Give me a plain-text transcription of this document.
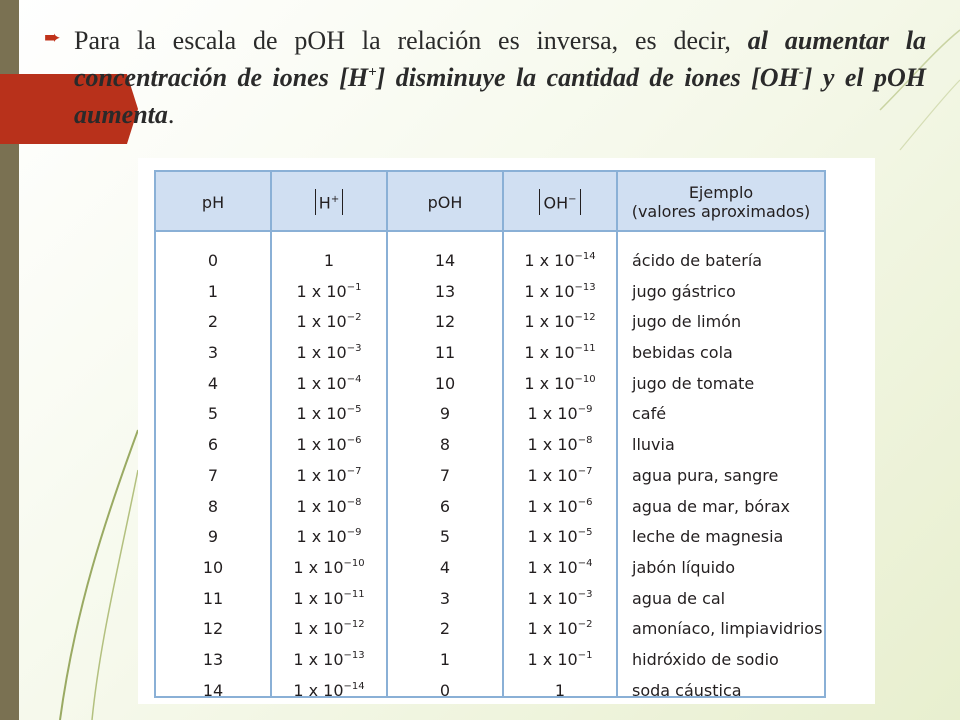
➨ Para la escala de pOH la relación es inversa, es decir, al aumentar la concentración de iones [H+] disminuye la cantidad de iones [OH-] y el pOH aumenta.
pH	H+	pOH	OH−	Ejemplo
(valores aproximados)
0	1	14	1 x $10^{-14}$	ácido de batería
1	1 x $10^{-1}$	13	1 x $10^{-13}$	jugo gástrico
2	1 x $10^{-2}$	12	1 x $10^{-12}$	jugo de limón
3	1 x $10^{-3}$	11	1 x $10^{-11}$	bebidas cola
4	1 x $10^{-4}$	10	1 x $10^{-10}$	jugo de tomate
5	1 x $10^{-5}$	9	1 x $10^{-9}$	café
6	1 x $10^{-6}$	8	1 x $10^{-8}$	lluvia
7	1 x $10^{-7}$	7	1 x $10^{-7}$	agua pura, sangre
8	1 x $10^{-8}$	6	1 x $10^{-6}$	agua de mar, bórax
9	1 x $10^{-9}$	5	1 x $10^{-5}$	leche de magnesia
10	1 x $10^{-10}$	4	1 x $10^{-4}$	jabón líquido
11	1 x $10^{-11}$	3	1 x $10^{-3}$	agua de cal
12	1 x $10^{-12}$	2	1 x $10^{-2}$	amoníaco, limpiavidrios
13	1 x $10^{-13}$	1	1 x $10^{-1}$	hidróxido de sodio
14	1 x $10^{-14}$	0	1	soda cáustica
